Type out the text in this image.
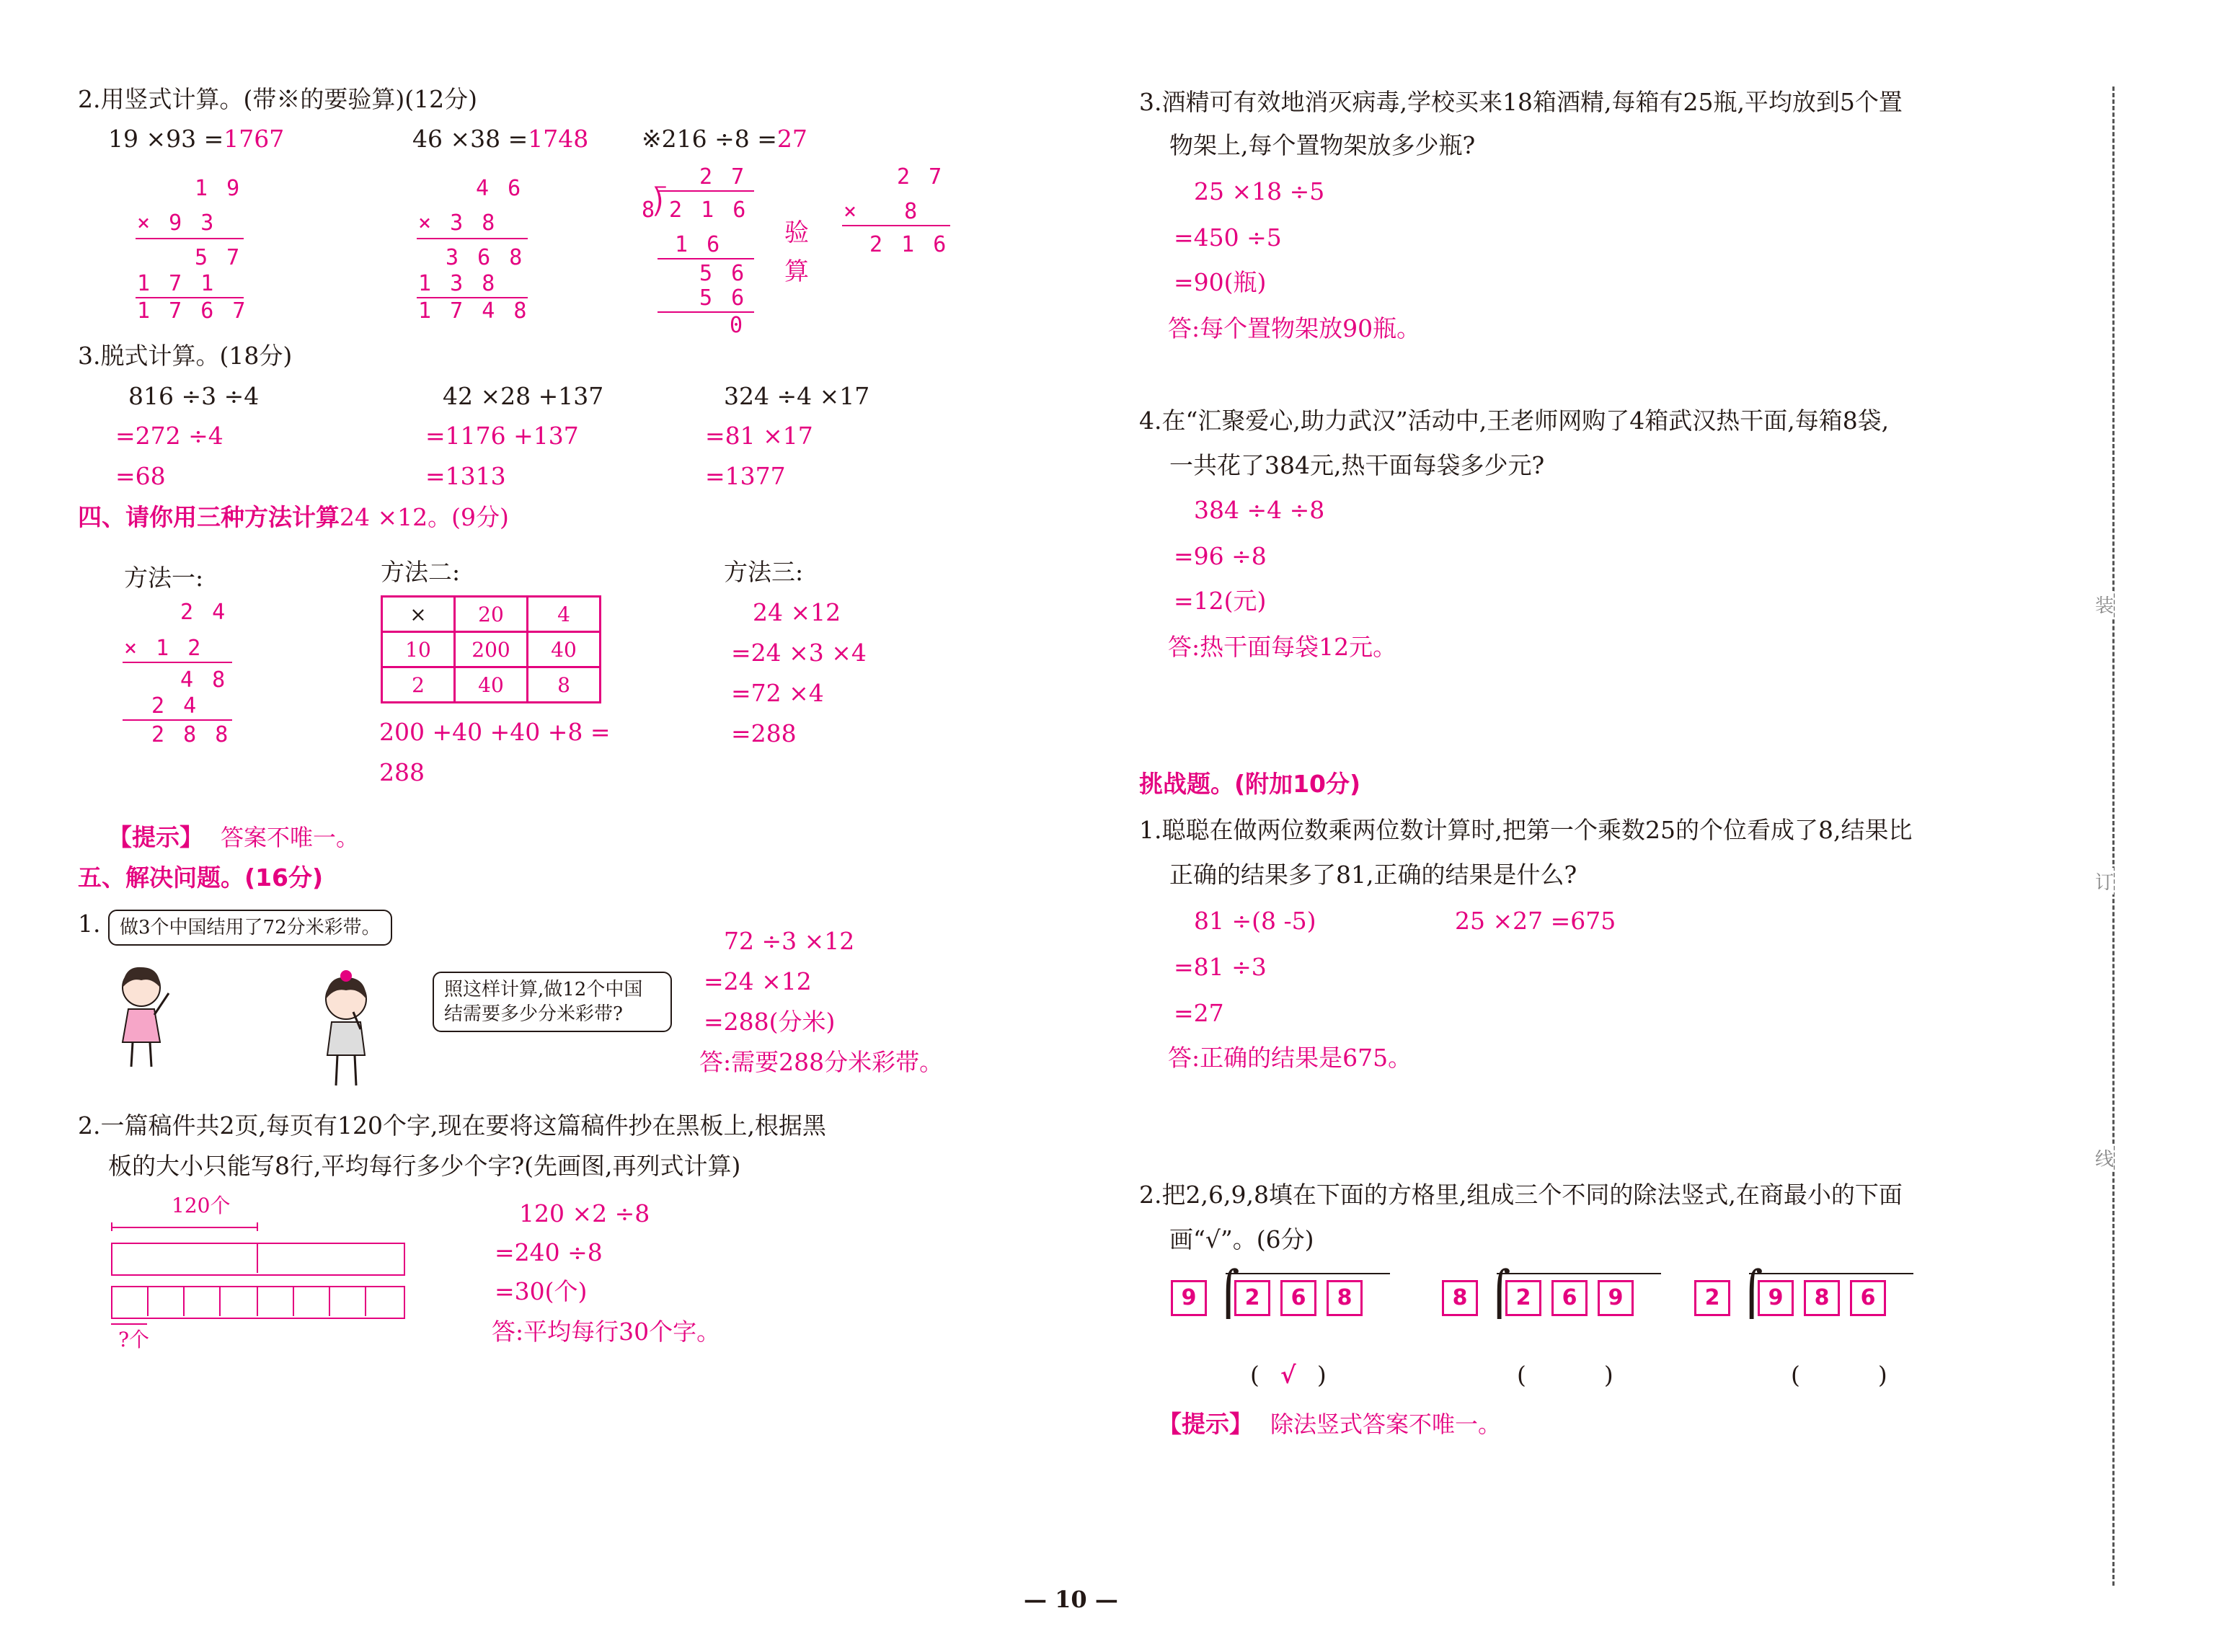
2.用竖式计算。(带※的要验算)(12分)
19 ×93 =1767
1 9
× 9 3
5 7
1 7 1
1 7 6 7
46 ×38 =1748
4 6
× 3 8
3 6 8
1 3 8
1 7 4 8
※216 ÷8 =27
2 7
8
⟌ 2 1 6
1 6
5 6
5 6
0
验算
2 7
× 8
2 1 6
3.脱式计算。(18分)
816 ÷3 ÷4
=272 ÷4
=68
42 ×28 +137
=1176 +137
=1313
324 ÷4 ×17
=81 ×17
=1377
四、请你用三种方法计算24 ×12。(9分)
方法一:
2 4
× 1 2
4 8
2 4
2 8 8
方法二:
×	20	4
10	200	40
2	40	8
200 +40 +40 +8 =
288
方法三:
24 ×12
=24 ×3 ×4
=72 ×4
=288
【提示】 答案不唯一。
五、解决问题。(16分)
1.	做3个中国结用了72分米彩带。
照这样计算,做12个中国结需要多少分米彩带?
72 ÷3 ×12
=24 ×12
=288(分米)
答:需要288分米彩带。
2.一篇稿件共2页,每页有120个字,现在要将这篇稿件抄在黑板上,根据黑
板的大小只能写8行,平均每行多少个字?(先画图,再列式计算)
120个
?个
120 ×2 ÷8
=240 ÷8
=30(个)
答:平均每行30个字。
3.酒精可有效地消灭病毒,学校买来18箱酒精,每箱有25瓶,平均放到5个置
物架上,每个置物架放多少瓶?
25 ×18 ÷5
=450 ÷5
=90(瓶)
答:每个置物架放90瓶。
4.在“汇聚爱心,助力武汉”活动中,王老师网购了4箱武汉热干面,每箱8袋,
一共花了384元,热干面每袋多少元?
384 ÷4 ÷8
=96 ÷8
=12(元)
答:热干面每袋12元。
挑战题。(附加10分)
1.聪聪在做两位数乘两位数计算时,把第一个乘数25的个位看成了8,结果比
正确的结果多了81,正确的结果是什么?
81 ÷(8 -5)	25 ×27 =675
=81 ÷3
=27
答:正确的结果是675。
2.把2,6,9,8填在下面的方格里,组成三个不同的除法竖式,在商最小的下面
画“√”。(6分)
9 2 6 8
⌠	8 2 6 9
⌠	2 9 8 6
⌠
( √ )	(	)	(	)
【提示】 除法竖式答案不唯一。
装
订
线
— 10 —
